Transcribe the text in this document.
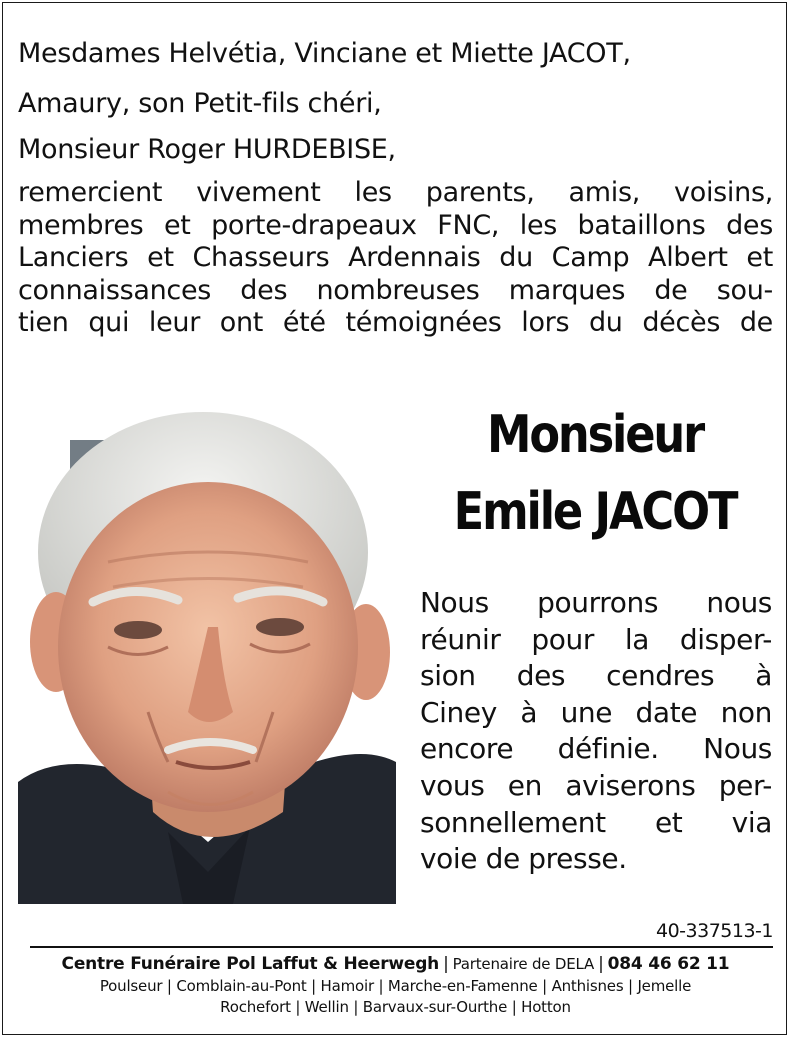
Mesdames Helvétia, Vinciane et Miette JACOT,
Amaury, son Petit-fils chéri,
Monsieur Roger HURDEBISE,
remercient vivement les parents, amis, voisins,
membres et porte-drapeaux FNC, les bataillons des
Lanciers et Chasseurs Ardennais du Camp Albert et
connaissances des nombreuses marques de sou-
tien qui leur ont été témoignées lors du décès de
Monsieur
Emile JACOT
Nous pourrons nous
réunir pour la disper-
sion des cendres à
Ciney à une date non
encore définie. Nous
vous en aviserons per-
sonnellement et via
voie de presse.
40-337513-1
Centre Funéraire Pol Laffut & Heerwegh | Partenaire de DELA | 084 46 62 11
Poulseur | Comblain-au-Pont | Hamoir | Marche-en-Famenne | Anthisnes | Jemelle
Rochefort | Wellin | Barvaux-sur-Ourthe | Hotton
